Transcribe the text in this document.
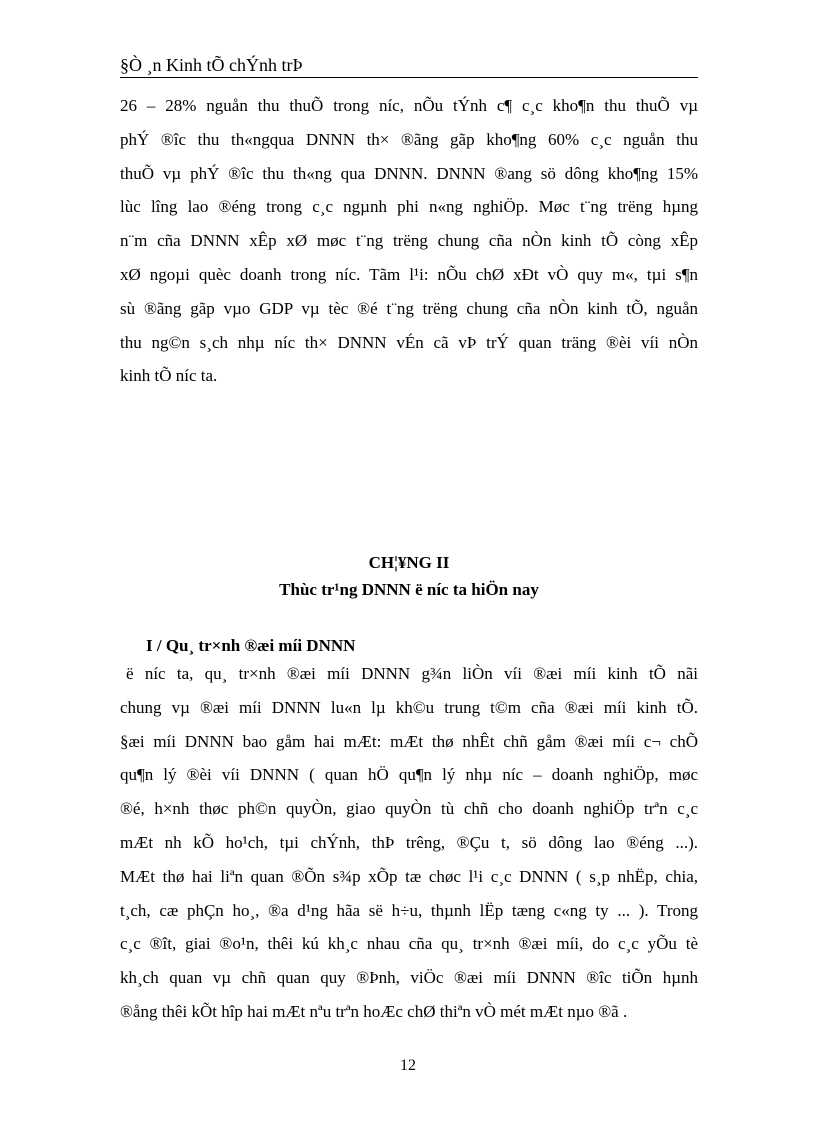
§Ò ¸n Kinh tÕ chÝnh trÞ
26 – 28% nguån thu thuÕ trong níc, nÕu tÝnh c¶ c¸c kho¶n thu thuÕ vµ
phÝ ®îc thu th«ngqua DNNN th× ®ãng gãp kho¶ng 60% c¸c nguån thu
thuÕ vµ phÝ ®îc thu th«ng qua DNNN. DNNN ®ang sö dông kho¶ng 15%
lùc lîng lao ®éng trong c¸c ngµnh phi n«ng nghiÖp. Møc t¨ng trëng hµng
n¨m cña DNNN xÊp xØ møc t¨ng trëng chung cña nÒn kinh tÕ còng xÊp
xØ ngoµi quèc doanh trong níc. Tãm l¹i: nÕu chØ xÐt vÒ quy m«, tµi s¶n
sù ®ãng gãp vµo GDP vµ tèc ®é t¨ng trëng chung cña nÒn kinh tÕ, nguån
thu ng©n s¸ch nhµ níc th× DNNN vÉn cã vÞ trÝ quan träng ®èi víi nÒn
kinh tÕ níc ta.
CH¦¥NG II
Thùc tr¹ng DNNN ë níc ta hiÖn nay
I / Qu¸ tr×nh ®æi míi DNNN
ë níc ta, qu¸ tr×nh ®æi míi DNNN g¾n liÒn víi ®æi míi kinh tÕ nãi
chung vµ ®æi míi DNNN lu«n lµ kh©u trung t©m cña ®æi míi kinh tÕ.
§æi míi DNNN bao gåm hai mÆt: mÆt thø nhÊt chñ gåm ®æi míi c¬ chÕ
qu¶n lý ®èi víi DNNN ( quan hÖ qu¶n lý nhµ níc – doanh nghiÖp, møc
®é, h×nh thøc ph©n quyÒn, giao quyÒn tù chñ cho doanh nghiÖp trªn c¸c
mÆt nh kÕ ho¹ch, tµi chÝnh, thÞ trêng, ®Çu t, sö dông lao ®éng ...).
MÆt thø hai liªn quan ®Õn s¾p xÕp tæ chøc l¹i c¸c DNNN ( s¸p nhËp, chia,
t¸ch, cæ phÇn ho¸, ®a d¹ng hãa së h÷u, thµnh lËp tæng c«ng ty ... ). Trong
c¸c ®ît, giai ®o¹n, thêi kú kh¸c nhau cña qu¸ tr×nh ®æi míi, do c¸c yÕu tè
kh¸ch quan vµ chñ quan quy ®Þnh, viÖc ®æi míi DNNN ®îc tiÕn hµnh
®ång thêi kÕt hîp hai mÆt nªu trªn hoÆc chØ thiªn vÒ mét mÆt nµo ®ã .
12
